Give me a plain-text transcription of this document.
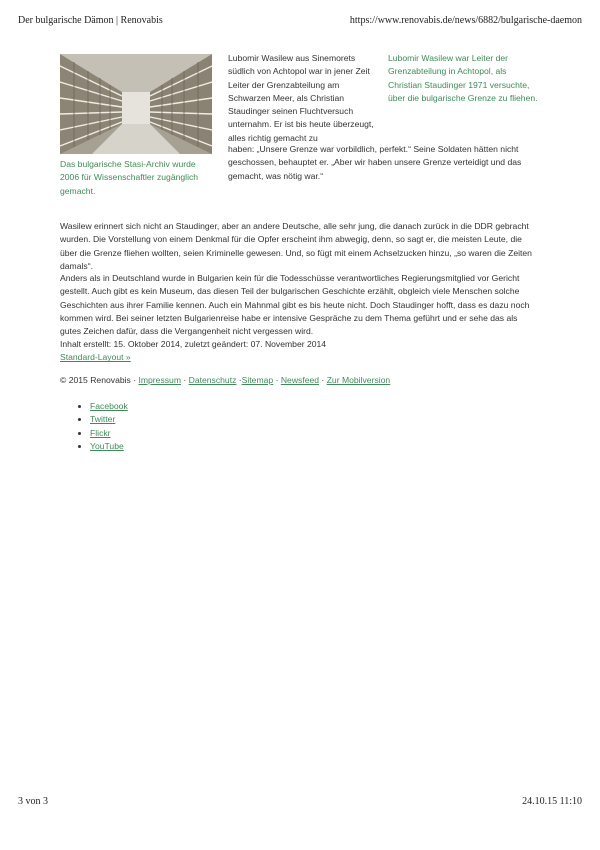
Der bulgarische Dämon | Renovabis	https://www.renovabis.de/news/6882/bulgarische-daemon
Das bulgarische Stasi-Archiv wurde 2006 für Wissenschaftler zugänglich gemacht.
Lubomir Wasilew aus Sinemorets südlich von Achtopol war in jener Zeit Leiter der Grenzabteilung am Schwarzen Meer, als Christian Staudinger seinen Fluchtversuch unternahm. Er ist bis heute überzeugt, alles richtig gemacht zu
Lubomir Wasilew war Leiter der Grenzabteilung in Achtopol, als Christian Staudinger 1971 versuchte, über die bulgarische Grenze zu fliehen.
haben: „Unsere Grenze war vorbildlich, perfekt.“ Seine Soldaten hätten nicht geschossen, behauptet er. „Aber wir haben unsere Grenze verteidigt und das gemacht, was nötig war.“
Wasilew erinnert sich nicht an Staudinger, aber an andere Deutsche, alle sehr jung, die danach zurück in die DDR gebracht wurden. Die Vorstellung von einem Denkmal für die Opfer erscheint ihm abwegig, denn, so sagt er, die meisten Leute, die über die Grenze fliehen wollten, seien Kriminelle gewesen. Und, so fügt mit einem Achselzucken hinzu, „so waren die Zeiten damals“.
Anders als in Deutschland wurde in Bulgarien kein für die Todesschüsse verantwortliches Regierungsmitglied vor Gericht gestellt. Auch gibt es kein Museum, das diesen Teil der bulgarischen Geschichte erzählt, obgleich viele Menschen solche Geschichten aus ihrer Familie kennen. Auch ein Mahnmal gibt es bis heute nicht. Doch Staudinger hofft, dass es dazu noch kommen wird. Bei seiner letzten Bulgarienreise habe er intensive Gespräche zu dem Thema geführt und er sehe das als gutes Zeichen dafür, dass die Vergangenheit nicht vergessen wird.
Inhalt erstellt: 15. Oktober 2014, zuletzt geändert: 07. November 2014
Standard-Layout »
© 2015 Renovabis · Impressum · Datenschutz ·Sitemap · Newsfeed · Zur Mobilversion
• Facebook
• Twitter
• Flickr
• YouTube
3 von 3	24.10.15 11:10
